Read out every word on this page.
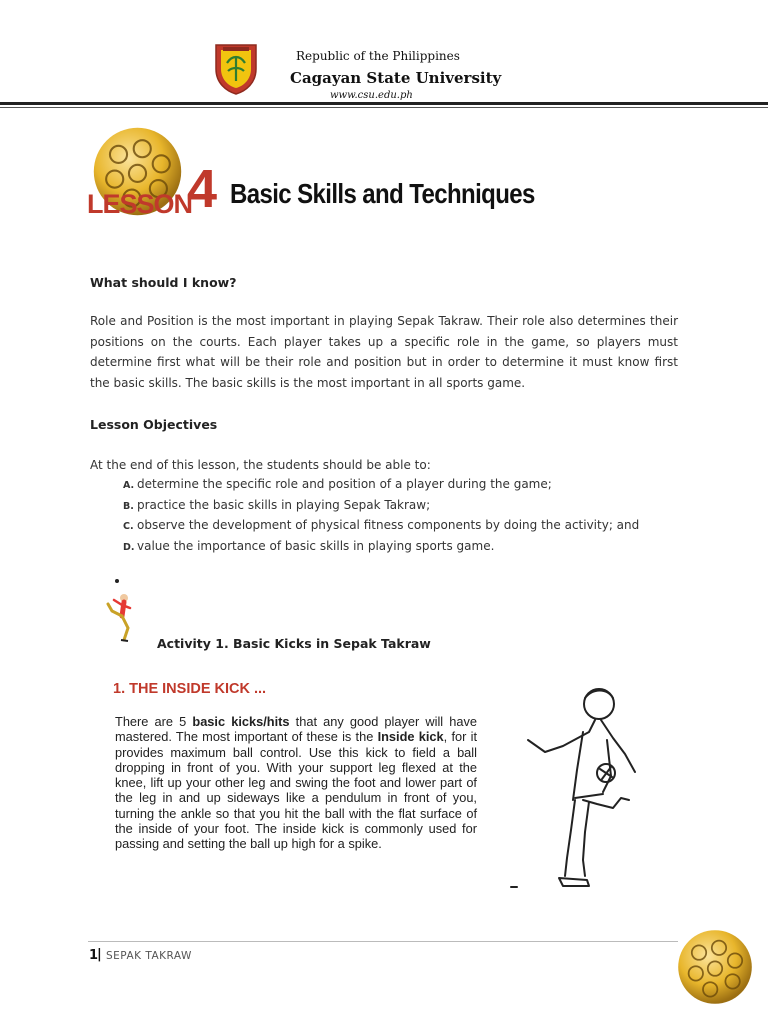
Republic of the Philippines
Cagayan State University
www.csu.edu.ph
LESSON
4 Basic Skills and Techniques
What should I know?
Role and Position is the most important in playing Sepak Takraw. Their role also determines their positions on the courts. Each player takes up a specific role in the game, so players must determine first what will be their role and position but in order to determine it must know first the basic skills. The basic skills is the most important in all sports game.
Lesson Objectives
At the end of this lesson, the students should be able to:
A. determine the specific role and position of a player during the game;
B. practice the basic skills in playing Sepak Takraw;
C. observe the development of physical fitness components by doing the activity; and
D. value the importance of basic skills in playing sports game.
Activity 1. Basic Kicks in Sepak Takraw
1. THE INSIDE KICK ...
There are 5 basic kicks/hits that any good player will have mastered. The most important of these is the Inside kick, for it provides maximum ball control. Use this kick to field a ball dropping in front of you. With your support leg flexed at the knee, lift up your other leg and swing the foot and lower part of the leg in and up sideways like a pendulum in front of you, turning the ankle so that you hit the ball with the flat surface of the inside of your foot. The inside kick is commonly used for passing and setting the ball up high for a spike.
1
| SEPAK TAKRAW
